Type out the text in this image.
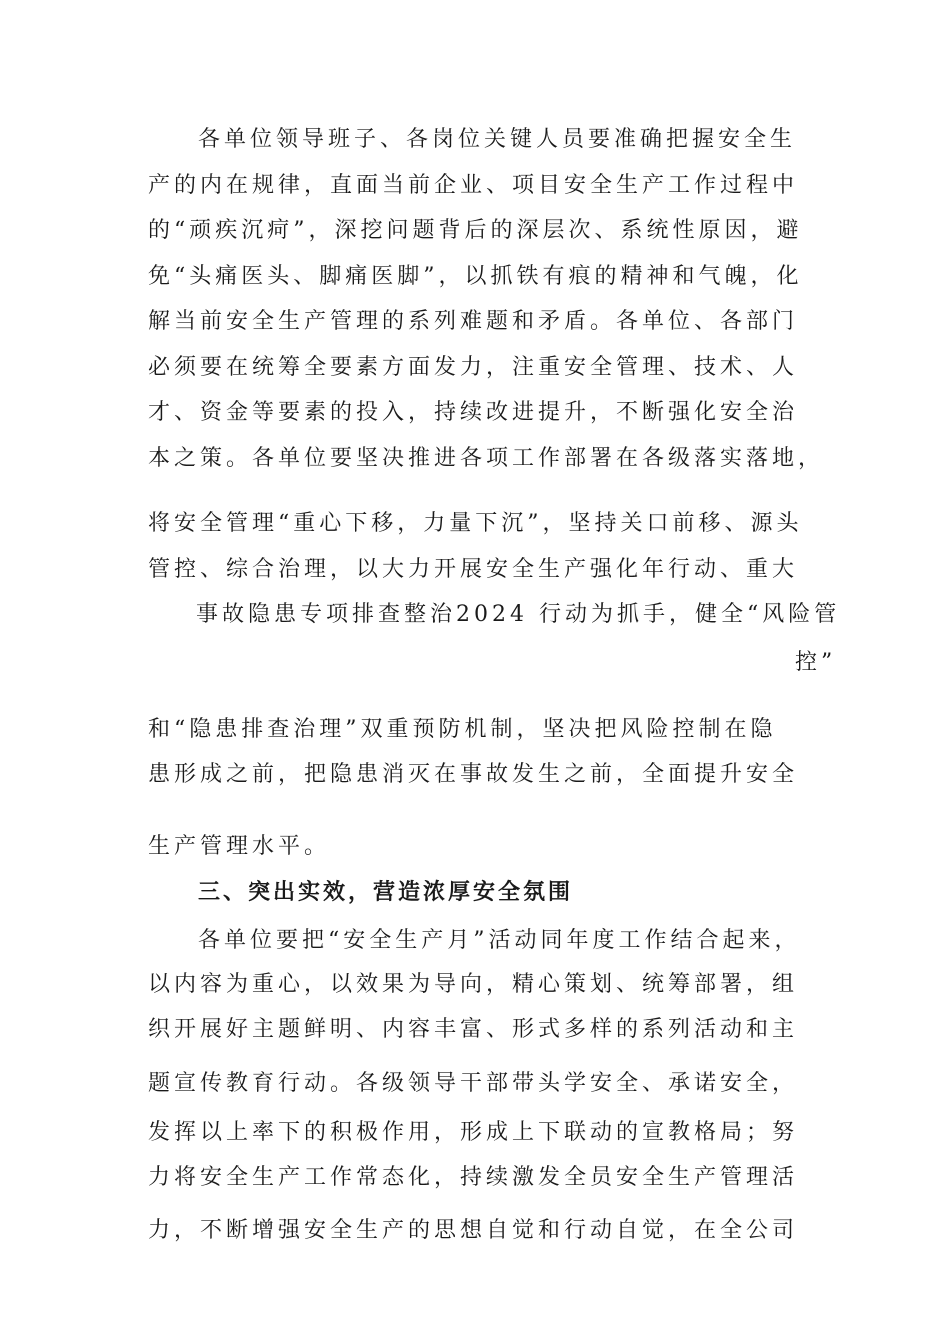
各单位领导班子、各岗位关键人员要准确把握安全生
产的内在规律，直面当前企业、项目安全生产工作过程中
的“顽疾沉疴”，深挖问题背后的深层次、系统性原因，避
免“头痛医头、脚痛医脚”，以抓铁有痕的精神和气魄，化
解当前安全生产管理的系列难题和矛盾。各单位、各部门
必须要在统筹全要素方面发力，注重安全管理、技术、人
才、资金等要素的投入，持续改进提升，不断强化安全治
本之策。各单位要坚决推进各项工作部署在各级落实落地，
将安全管理“重心下移，力量下沉”，坚持关口前移、源头
管控、综合治理，以大力开展安全生产强化年行动、重大
事故隐患专项排查整治2024 行动为抓手，健全“风险管
控”
和“隐患排查治理”双重预防机制，坚决把风险控制在隐
患形成之前，把隐患消灭在事故发生之前，全面提升安全
生产管理水平。
三、突出实效，营造浓厚安全氛围
各单位要把“安全生产月”活动同年度工作结合起来，
以内容为重心，以效果为导向，精心策划、统筹部署，组
织开展好主题鲜明、内容丰富、形式多样的系列活动和主
题宣传教育行动。各级领导干部带头学安全、承诺安全，
发挥以上率下的积极作用，形成上下联动的宣教格局；努
力将安全生产工作常态化，持续激发全员安全生产管理活
力，不断增强安全生产的思想自觉和行动自觉，在全公司
